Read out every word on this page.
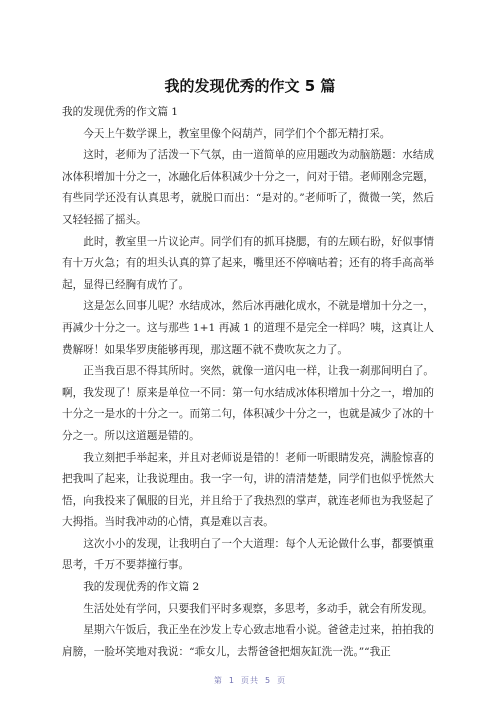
我的发现优秀的作文 5 篇

我的发现优秀的作文篇 1

今天上午数学课上，教室里像个闷葫芦，同学们个个都无精打采。

这时，老师为了活泼一下气氛，由一道简单的应用题改为动脑筋题：水结成冰体积增加十分之一，冰融化后体积减少十分之一，问对于错。老师刚念完题，有些同学还没有认真思考，就脱口而出：“是对的。”老师听了，微微一笑，然后又轻轻摇了摇头。

此时，教室里一片议论声。同学们有的抓耳挠腮，有的左顾右盼，好似事情有十万火急；有的坦头认真的算了起来，嘴里还不停嘀咕着；还有的将手高高举起，显得已经胸有成竹了。

这是怎么回事儿呢？水结成冰，然后冰再融化成水，不就是增加十分之一，再减少十分之一。这与那些 1+1 再减 1 的道理不是完全一样吗？咦，这真让人费解呀！如果华罗庚能够再现，那这题不就不费吹灰之力了。

正当我百思不得其所时。突然，就像一道闪电一样，让我一刹那间明白了。啊，我发现了！原来是单位一不同：第一句水结成冰体积增加十分之一，增加的十分之一是水的十分之一。而第二句，体积减少十分之一，也就是减少了冰的十分之一。所以这道题是错的。

我立刻把手举起来，并且对老师说是错的！老师一听眼睛发亮，满脸惊喜的把我叫了起来，让我说理由。我一字一句，讲的清清楚楚，同学们也似乎恍然大悟，向我投来了佩服的目光，并且给于了我热烈的掌声，就连老师也为我竖起了大拇指。当时我冲动的心情，真是难以言表。

这次小小的发现，让我明白了一个大道理：每个人无论做什么事，都要慎重思考，千万不要莽撞行事。

我的发现优秀的作文篇 2

生活处处有学问，只要我们平时多观察，多思考，多动手，就会有所发现。

星期六午饭后，我正坐在沙发上专心致志地看小说。爸爸走过来，拍拍我的肩膀，一脸坏笑地对我说：“乖女儿，去帮爸爸把烟灰缸洗一洗。”“我正

第 1 页共 5 页
